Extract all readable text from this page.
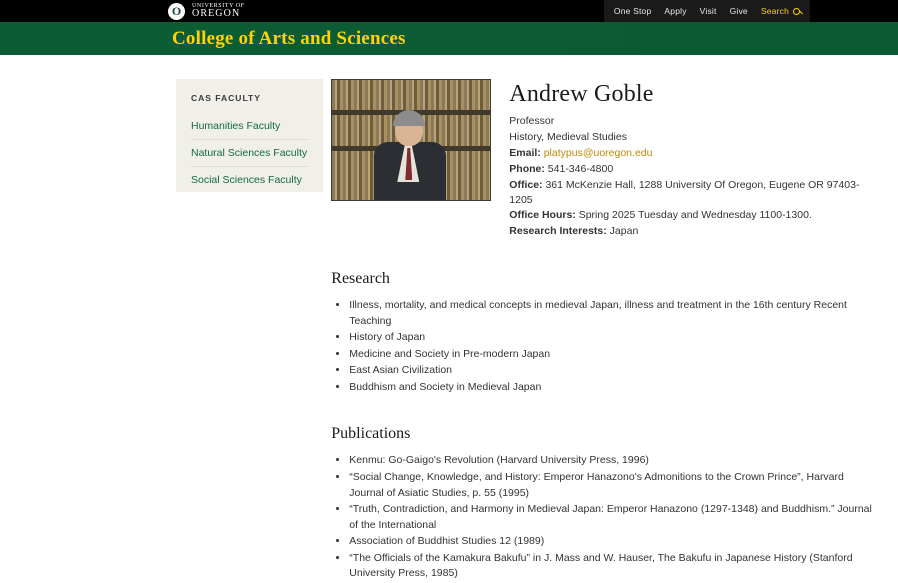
O	UNIVERSITY OF
OREGON	One Stop Apply Visit Give Search
College of Arts and Sciences
CAS FACULTY
Humanities Faculty
Natural Sciences Faculty
Social Sciences Faculty
Andrew Goble

Professor

History, Medieval Studies

Email: platypus@uoregon.edu

Phone: 541-346-4800

Office: 361 McKenzie Hall, 1288 University Of Oregon, Eugene OR 97403-1205

Office Hours: Spring 2025 Tuesday and Wednesday 1100-1300.

Research Interests: Japan

Research
• Illness, mortality, and medical concepts in medieval Japan, illness and treatment in the 16th century Recent Teaching
• History of Japan
• Medicine and Society in Pre-modern Japan
• East Asian Civilization
• Buddhism and Society in Medieval Japan
Publications
• Kenmu: Go-Gaigo's Revolution (Harvard University Press, 1996)
• “Social Change, Knowledge, and History: Emperor Hanazono's Admonitions to the Crown Prince”, Harvard Journal of Asiatic Studies, p. 55 (1995)
• “Truth, Contradiction, and Harmony in Medieval Japan: Emperor Hanazono (1297-1348) and Buddhism.” Journal of the International
• Association of Buddhist Studies 12 (1989)
• “The Officials of the Kamakura Bakufu” in J. Mass and W. Hauser, The Bakufu in Japanese History (Stanford University Press, 1985)
